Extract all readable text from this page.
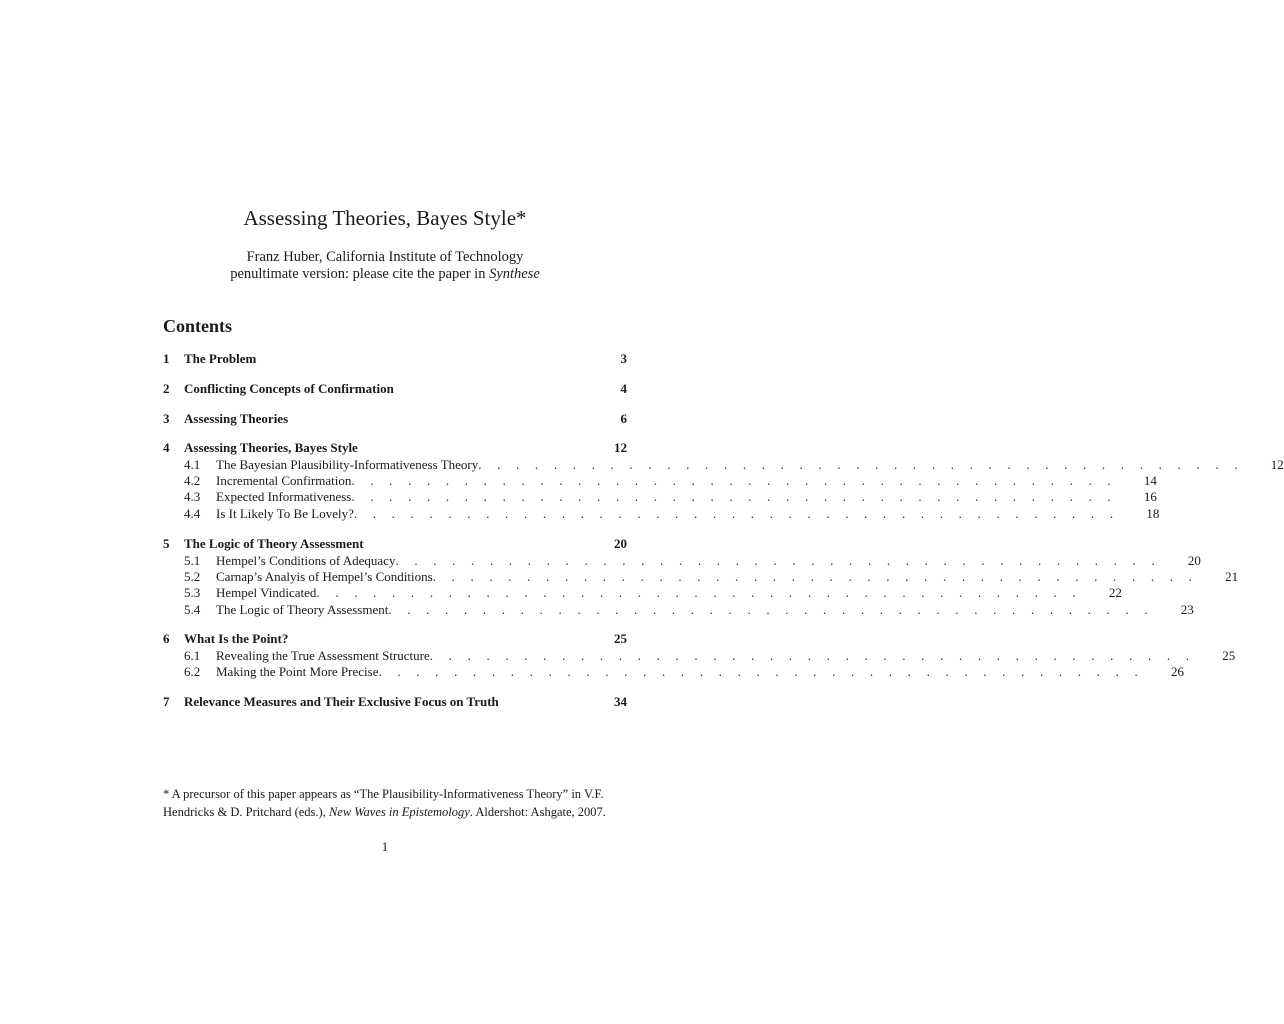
Assessing Theories, Bayes Style*
Franz Huber, California Institute of Technology
penultimate version: please cite the paper in Synthese
Contents
1	The Problem	3
2	Conflicting Concepts of Confirmation	4
3	Assessing Theories	6
4	Assessing Theories, Bayes Style	12
4.1	The Bayesian Plausibility-Informativeness Theory . . . . . . . . . . . . . . . . . . . . . . . . . . . . . . . . . . . . . . . . .	12
4.2	Incremental Confirmation . . . . . . . . . . . . . . . . . . . . . . . . . . . . . . . . . . . . . . . . .	14
4.3	Expected Informativeness . . . . . . . . . . . . . . . . . . . . . . . . . . . . . . . . . . . . . . . . .	16
4.4	Is It Likely To Be Lovely? . . . . . . . . . . . . . . . . . . . . . . . . . . . . . . . . . . . . . . . . .	18
5	The Logic of Theory Assessment	20
5.1	Hempel’s Conditions of Adequacy . . . . . . . . . . . . . . . . . . . . . . . . . . . . . . . . . . . . . . . . .	20
5.2	Carnap’s Analyis of Hempel’s Conditions . . . . . . . . . . . . . . . . . . . . . . . . . . . . . . . . . . . . . . . . .	21
5.3	Hempel Vindicated . . . . . . . . . . . . . . . . . . . . . . . . . . . . . . . . . . . . . . . . .	22
5.4	The Logic of Theory Assessment . . . . . . . . . . . . . . . . . . . . . . . . . . . . . . . . . . . . . . . . .	23
6	What Is the Point?	25
6.1	Revealing the True Assessment Structure . . . . . . . . . . . . . . . . . . . . . . . . . . . . . . . . . . . . . . . . .	25
6.2	Making the Point More Precise . . . . . . . . . . . . . . . . . . . . . . . . . . . . . . . . . . . . . . . . .	26
7	Relevance Measures and Their Exclusive Focus on Truth	34
* A precursor of this paper appears as “The Plausibility-Informativeness Theory” in V.F. Hendricks & D. Pritchard (eds.), New Waves in Epistemology. Aldershot: Ashgate, 2007.
1
